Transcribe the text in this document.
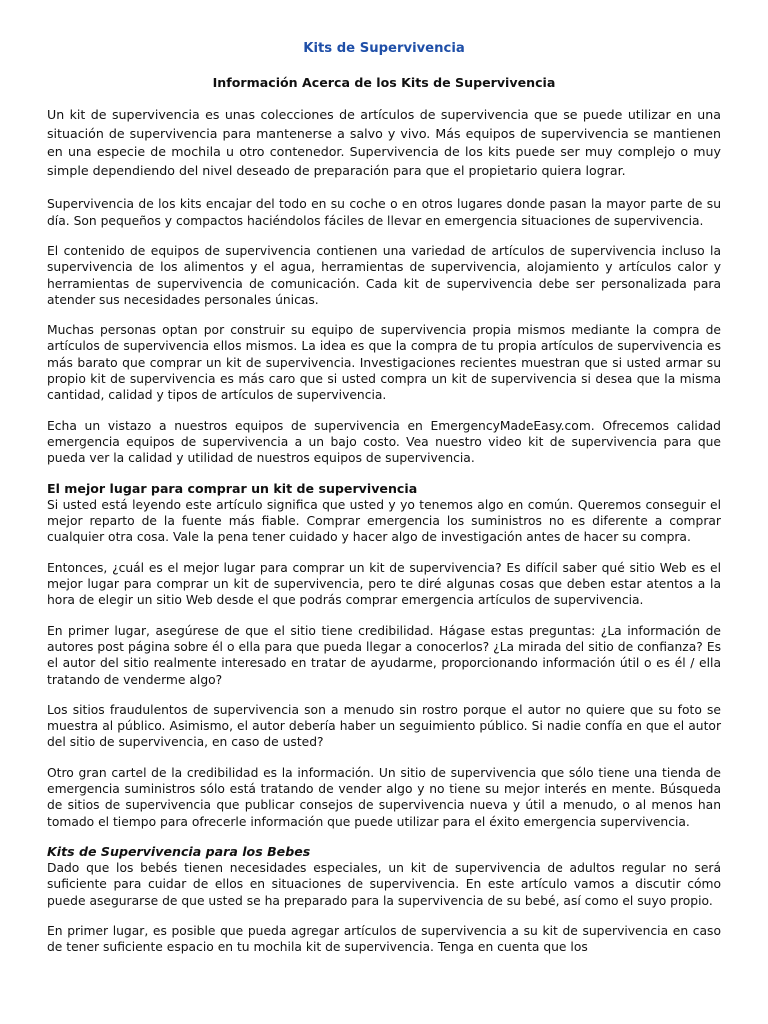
Kits de Supervivencia
Información Acerca de los Kits de Supervivencia

Un kit de supervivencia es unas colecciones de artículos de supervivencia que se puede utilizar en una situación de supervivencia para mantenerse a salvo y vivo. Más equipos de supervivencia se mantienen en una especie de mochila u otro contenedor. Supervivencia de los kits puede ser muy complejo o muy simple dependiendo del nivel deseado de preparación para que el propietario quiera lograr.

Supervivencia de los kits encajar del todo en su coche o en otros lugares donde pasan la mayor parte de su día. Son pequeños y compactos haciéndolos fáciles de llevar en emergencia situaciones de supervivencia.

El contenido de equipos de supervivencia contienen una variedad de artículos de supervivencia incluso la supervivencia de los alimentos y el agua, herramientas de supervivencia, alojamiento y artículos calor y herramientas de supervivencia de comunicación. Cada kit de supervivencia debe ser personalizada para atender sus necesidades personales únicas.

Muchas personas optan por construir su equipo de supervivencia propia mismos mediante la compra de artículos de supervivencia ellos mismos. La idea es que la compra de tu propia artículos de supervivencia es más barato que comprar un kit de supervivencia. Investigaciones recientes muestran que si usted armar su propio kit de supervivencia es más caro que si usted compra un kit de supervivencia si desea que la misma cantidad, calidad y tipos de artículos de supervivencia.

Echa un vistazo a nuestros equipos de supervivencia en EmergencyMadeEasy.com. Ofrecemos calidad emergencia equipos de supervivencia a un bajo costo. Vea nuestro video kit de supervivencia para que pueda ver la calidad y utilidad de nuestros equipos de supervivencia.

El mejor lugar para comprar un kit de supervivencia

Si usted está leyendo este artículo significa que usted y yo tenemos algo en común. Queremos conseguir el mejor reparto de la fuente más fiable. Comprar emergencia los suministros no es diferente a comprar cualquier otra cosa. Vale la pena tener cuidado y hacer algo de investigación antes de hacer su compra.

Entonces, ¿cuál es el mejor lugar para comprar un kit de supervivencia? Es difícil saber qué sitio Web es el mejor lugar para comprar un kit de supervivencia, pero te diré algunas cosas que deben estar atentos a la hora de elegir un sitio Web desde el que podrás comprar emergencia artículos de supervivencia.

En primer lugar, asegúrese de que el sitio tiene credibilidad. Hágase estas preguntas: ¿La información de autores post página sobre él o ella para que pueda llegar a conocerlos? ¿La mirada del sitio de confianza? Es el autor del sitio realmente interesado en tratar de ayudarme, proporcionando información útil o es él / ella tratando de venderme algo?

Los sitios fraudulentos de supervivencia son a menudo sin rostro porque el autor no quiere que su foto se muestra al público. Asimismo, el autor debería haber un seguimiento público. Si nadie confía en que el autor del sitio de supervivencia, en caso de usted?

Otro gran cartel de la credibilidad es la información. Un sitio de supervivencia que sólo tiene una tienda de emergencia suministros sólo está tratando de vender algo y no tiene su mejor interés en mente. Búsqueda de sitios de supervivencia que publicar consejos de supervivencia nueva y útil a menudo, o al menos han tomado el tiempo para ofrecerle información que puede utilizar para el éxito emergencia supervivencia.

Kits de Supervivencia para los Bebes

Dado que los bebés tienen necesidades especiales, un kit de supervivencia de adultos regular no será suficiente para cuidar de ellos en situaciones de supervivencia. En este artículo vamos a discutir cómo puede asegurarse de que usted se ha preparado para la supervivencia de su bebé, así como el suyo propio.

En primer lugar, es posible que pueda agregar artículos de supervivencia a su kit de supervivencia en caso de tener suficiente espacio en tu mochila kit de supervivencia. Tenga en cuenta que los
